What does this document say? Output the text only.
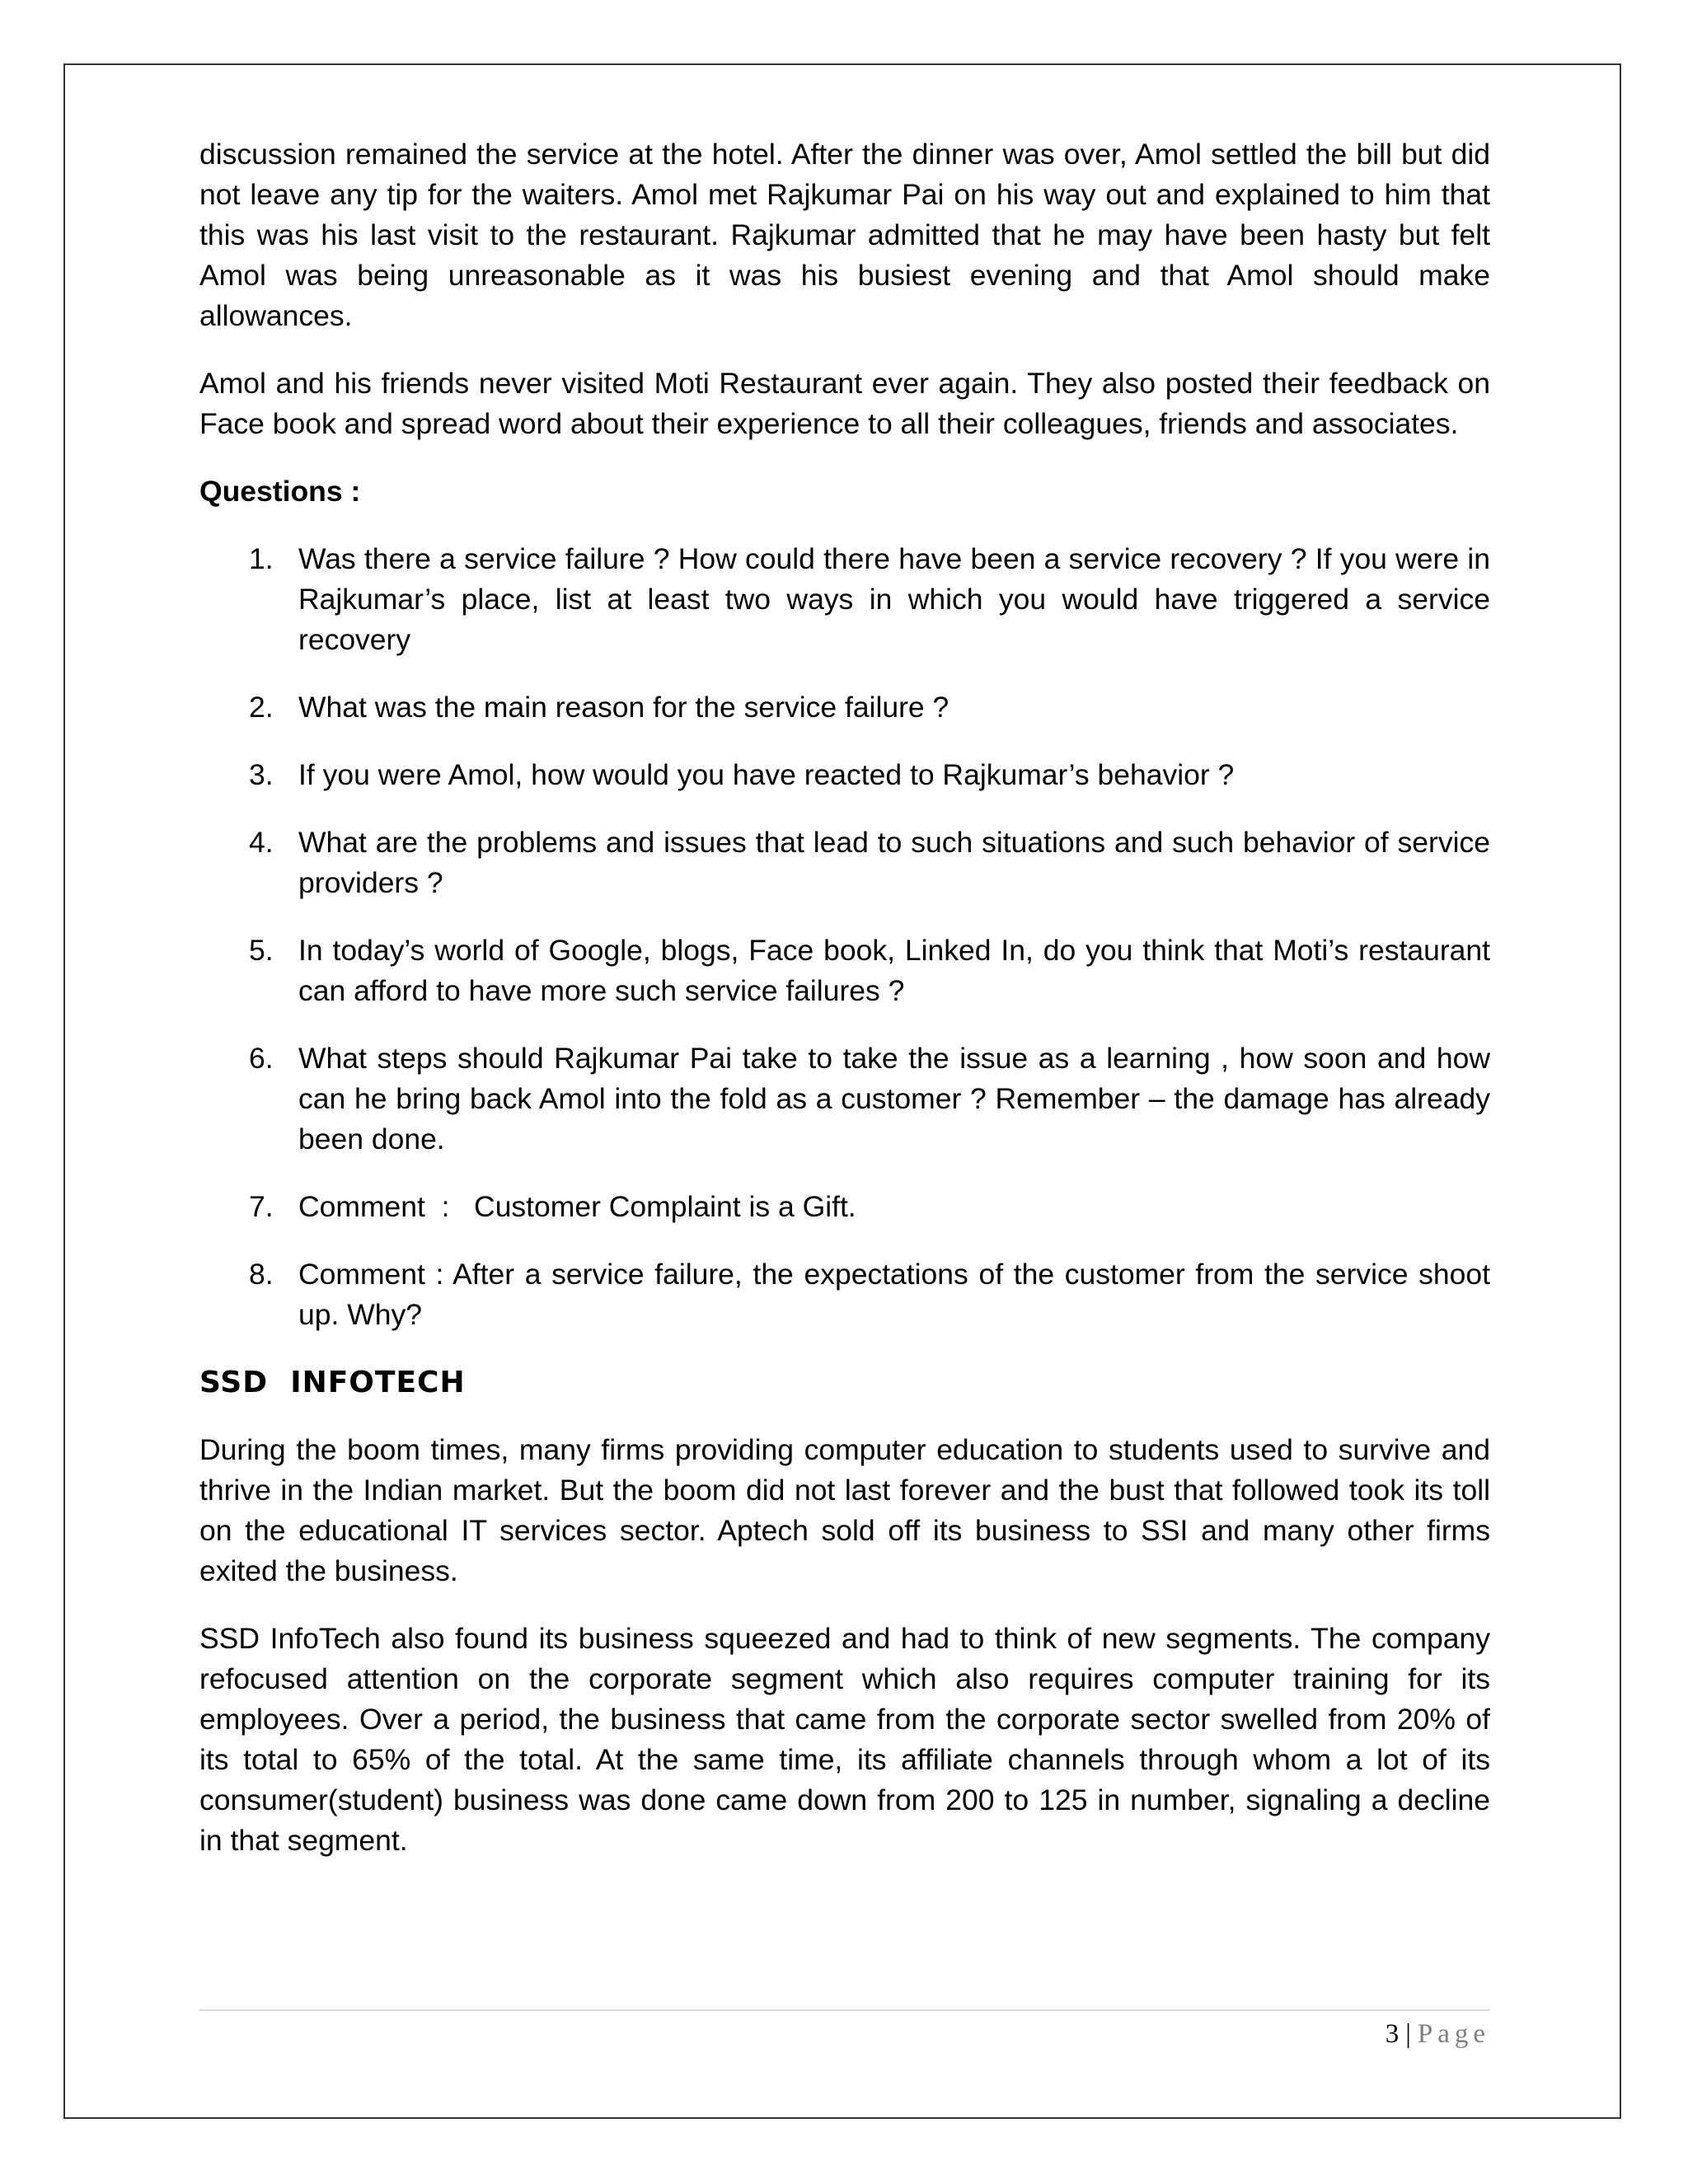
discussion remained the service at the hotel. After the dinner was over, Amol settled the bill but did not leave any tip for the waiters. Amol met Rajkumar Pai on his way out and explained to him that this was his last visit to the restaurant. Rajkumar admitted that he may have been hasty but felt Amol was being unreasonable as it was his busiest evening and that Amol should make allowances.

Amol and his friends never visited Moti Restaurant ever again. They also posted their feedback on Face book and spread word about their experience to all their colleagues, friends and associates.

Questions :
1. Was there a service failure ? How could there have been a service recovery ? If you were in Rajkumar’s place, list at least two ways in which you would have triggered a service recovery
2. What was the main reason for the service failure ?
3. If you were Amol, how would you have reacted to Rajkumar’s behavior ?
4. What are the problems and issues that lead to such situations and such behavior of service providers ?
5. In today’s world of Google, blogs, Face book, Linked In, do you think that Moti’s restaurant can afford to have more such service failures ?
6. What steps should Rajkumar Pai take to take the issue as a learning , how soon and how can he bring back Amol into the fold as a customer ? Remember – the damage has already been done.
7. Comment  :   Customer Complaint is a Gift.
8. Comment : After a service failure, the expectations of the customer from the service shoot up. Why?
SSD  INFOTECH

During the boom times, many firms providing computer education to students used to survive and thrive in the Indian market. But the boom did not last forever and the bust that followed took its toll on the educational IT services sector. Aptech sold off its business to SSI and many other firms exited the business.

SSD InfoTech also found its business squeezed and had to think of new segments. The company refocused attention on the corporate segment which also requires computer training for its employees. Over a period, the business that came from the corporate sector swelled from 20% of its total to 65% of the total. At the same time, its affiliate channels through whom a lot of its consumer(student) business was done came down from 200 to 125 in number, signaling a decline in that segment.

3 | Page
